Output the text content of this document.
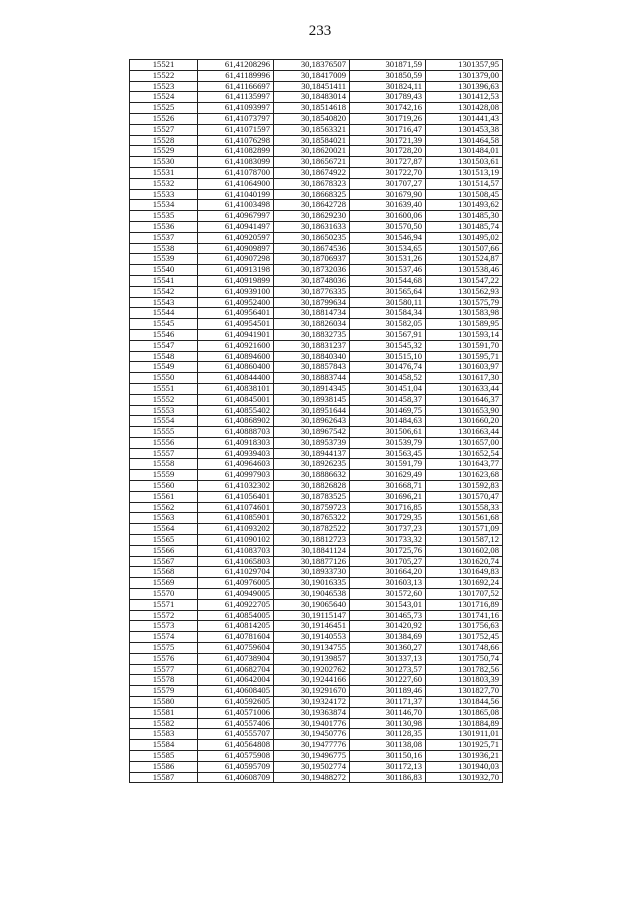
233
15521	61,41208296	30,18376507	301871,59	1301357,95
15522	61,41189996	30,18417009	301850,59	1301379,00
15523	61,41166697	30,18451411	301824,11	1301396,63
15524	61,41135997	30,18483014	301789,43	1301412,53
15525	61,41093997	30,18514618	301742,16	1301428,08
15526	61,41073797	30,18540820	301719,26	1301441,43
15527	61,41071597	30,18563321	301716,47	1301453,38
15528	61,41076298	30,18584021	301721,39	1301464,58
15529	61,41082899	30,18620021	301728,20	1301484,01
15530	61,41083099	30,18656721	301727,87	1301503,61
15531	61,41078700	30,18674922	301722,70	1301513,19
15532	61,41064900	30,18678323	301707,27	1301514,57
15533	61,41040199	30,18668325	301679,90	1301508,45
15534	61,41003498	30,18642728	301639,40	1301493,62
15535	61,40967997	30,18629230	301600,06	1301485,30
15536	61,40941497	30,18631633	301570,50	1301485,74
15537	61,40920597	30,18650235	301546,94	1301495,02
15538	61,40909897	30,18674536	301534,65	1301507,66
15539	61,40907298	30,18706937	301531,26	1301524,87
15540	61,40913198	30,18732036	301537,46	1301538,46
15541	61,40919899	30,18748036	301544,68	1301547,22
15542	61,40939100	30,18776335	301565,64	1301562,93
15543	61,40952400	30,18799634	301580,11	1301575,79
15544	61,40956401	30,18814734	301584,34	1301583,98
15545	61,40954501	30,18826034	301582,05	1301589,95
15546	61,40941901	30,18832735	301567,91	1301593,14
15547	61,40921600	30,18831237	301545,32	1301591,70
15548	61,40894600	30,18840340	301515,10	1301595,71
15549	61,40860400	30,18857843	301476,74	1301603,97
15550	61,40844400	30,18883744	301458,52	1301617,30
15551	61,40838101	30,18914345	301451,04	1301633,44
15552	61,40845001	30,18938145	301458,37	1301646,37
15553	61,40855402	30,18951644	301469,75	1301653,90
15554	61,40868902	30,18962643	301484,63	1301660,20
15555	61,40888703	30,18967542	301506,61	1301663,44
15556	61,40918303	30,18953739	301539,79	1301657,00
15557	61,40939403	30,18944137	301563,45	1301652,54
15558	61,40964603	30,18926235	301591,79	1301643,77
15559	61,40997903	30,18886632	301629,49	1301623,68
15560	61,41032302	30,18826828	301668,71	1301592,83
15561	61,41056401	30,18783525	301696,21	1301570,47
15562	61,41074601	30,18759723	301716,85	1301558,33
15563	61,41085901	30,18765322	301729,35	1301561,68
15564	61,41093202	30,18782522	301737,23	1301571,09
15565	61,41090102	30,18812723	301733,32	1301587,12
15566	61,41083703	30,18841124	301725,76	1301602,08
15567	61,41065803	30,18877126	301705,27	1301620,74
15568	61,41029704	30,18933730	301664,20	1301649,83
15569	61,40976005	30,19016335	301603,13	1301692,24
15570	61,40949005	30,19046538	301572,60	1301707,52
15571	61,40922705	30,19065640	301543,01	1301716,89
15572	61,40854005	30,19115147	301465,73	1301741,16
15573	61,40814205	30,19146451	301420,92	1301756,63
15574	61,40781604	30,19140553	301384,69	1301752,45
15575	61,40759604	30,19134755	301360,27	1301748,66
15576	61,40738904	30,19139857	301337,13	1301750,74
15577	61,40682704	30,19202762	301273,57	1301782,56
15578	61,40642004	30,19244166	301227,60	1301803,39
15579	61,40608405	30,19291670	301189,46	1301827,70
15580	61,40592605	30,19324172	301171,37	1301844,56
15581	61,40571006	30,19363874	301146,70	1301865,08
15582	61,40557406	30,19401776	301130,98	1301884,89
15583	61,40555707	30,19450776	301128,35	1301911,01
15584	61,40564808	30,19477776	301138,08	1301925,71
15585	61,40575908	30,19496775	301150,16	1301936,21
15586	61,40595709	30,19502774	301172,13	1301940,03
15587	61,40608709	30,19488272	301186,83	1301932,70
